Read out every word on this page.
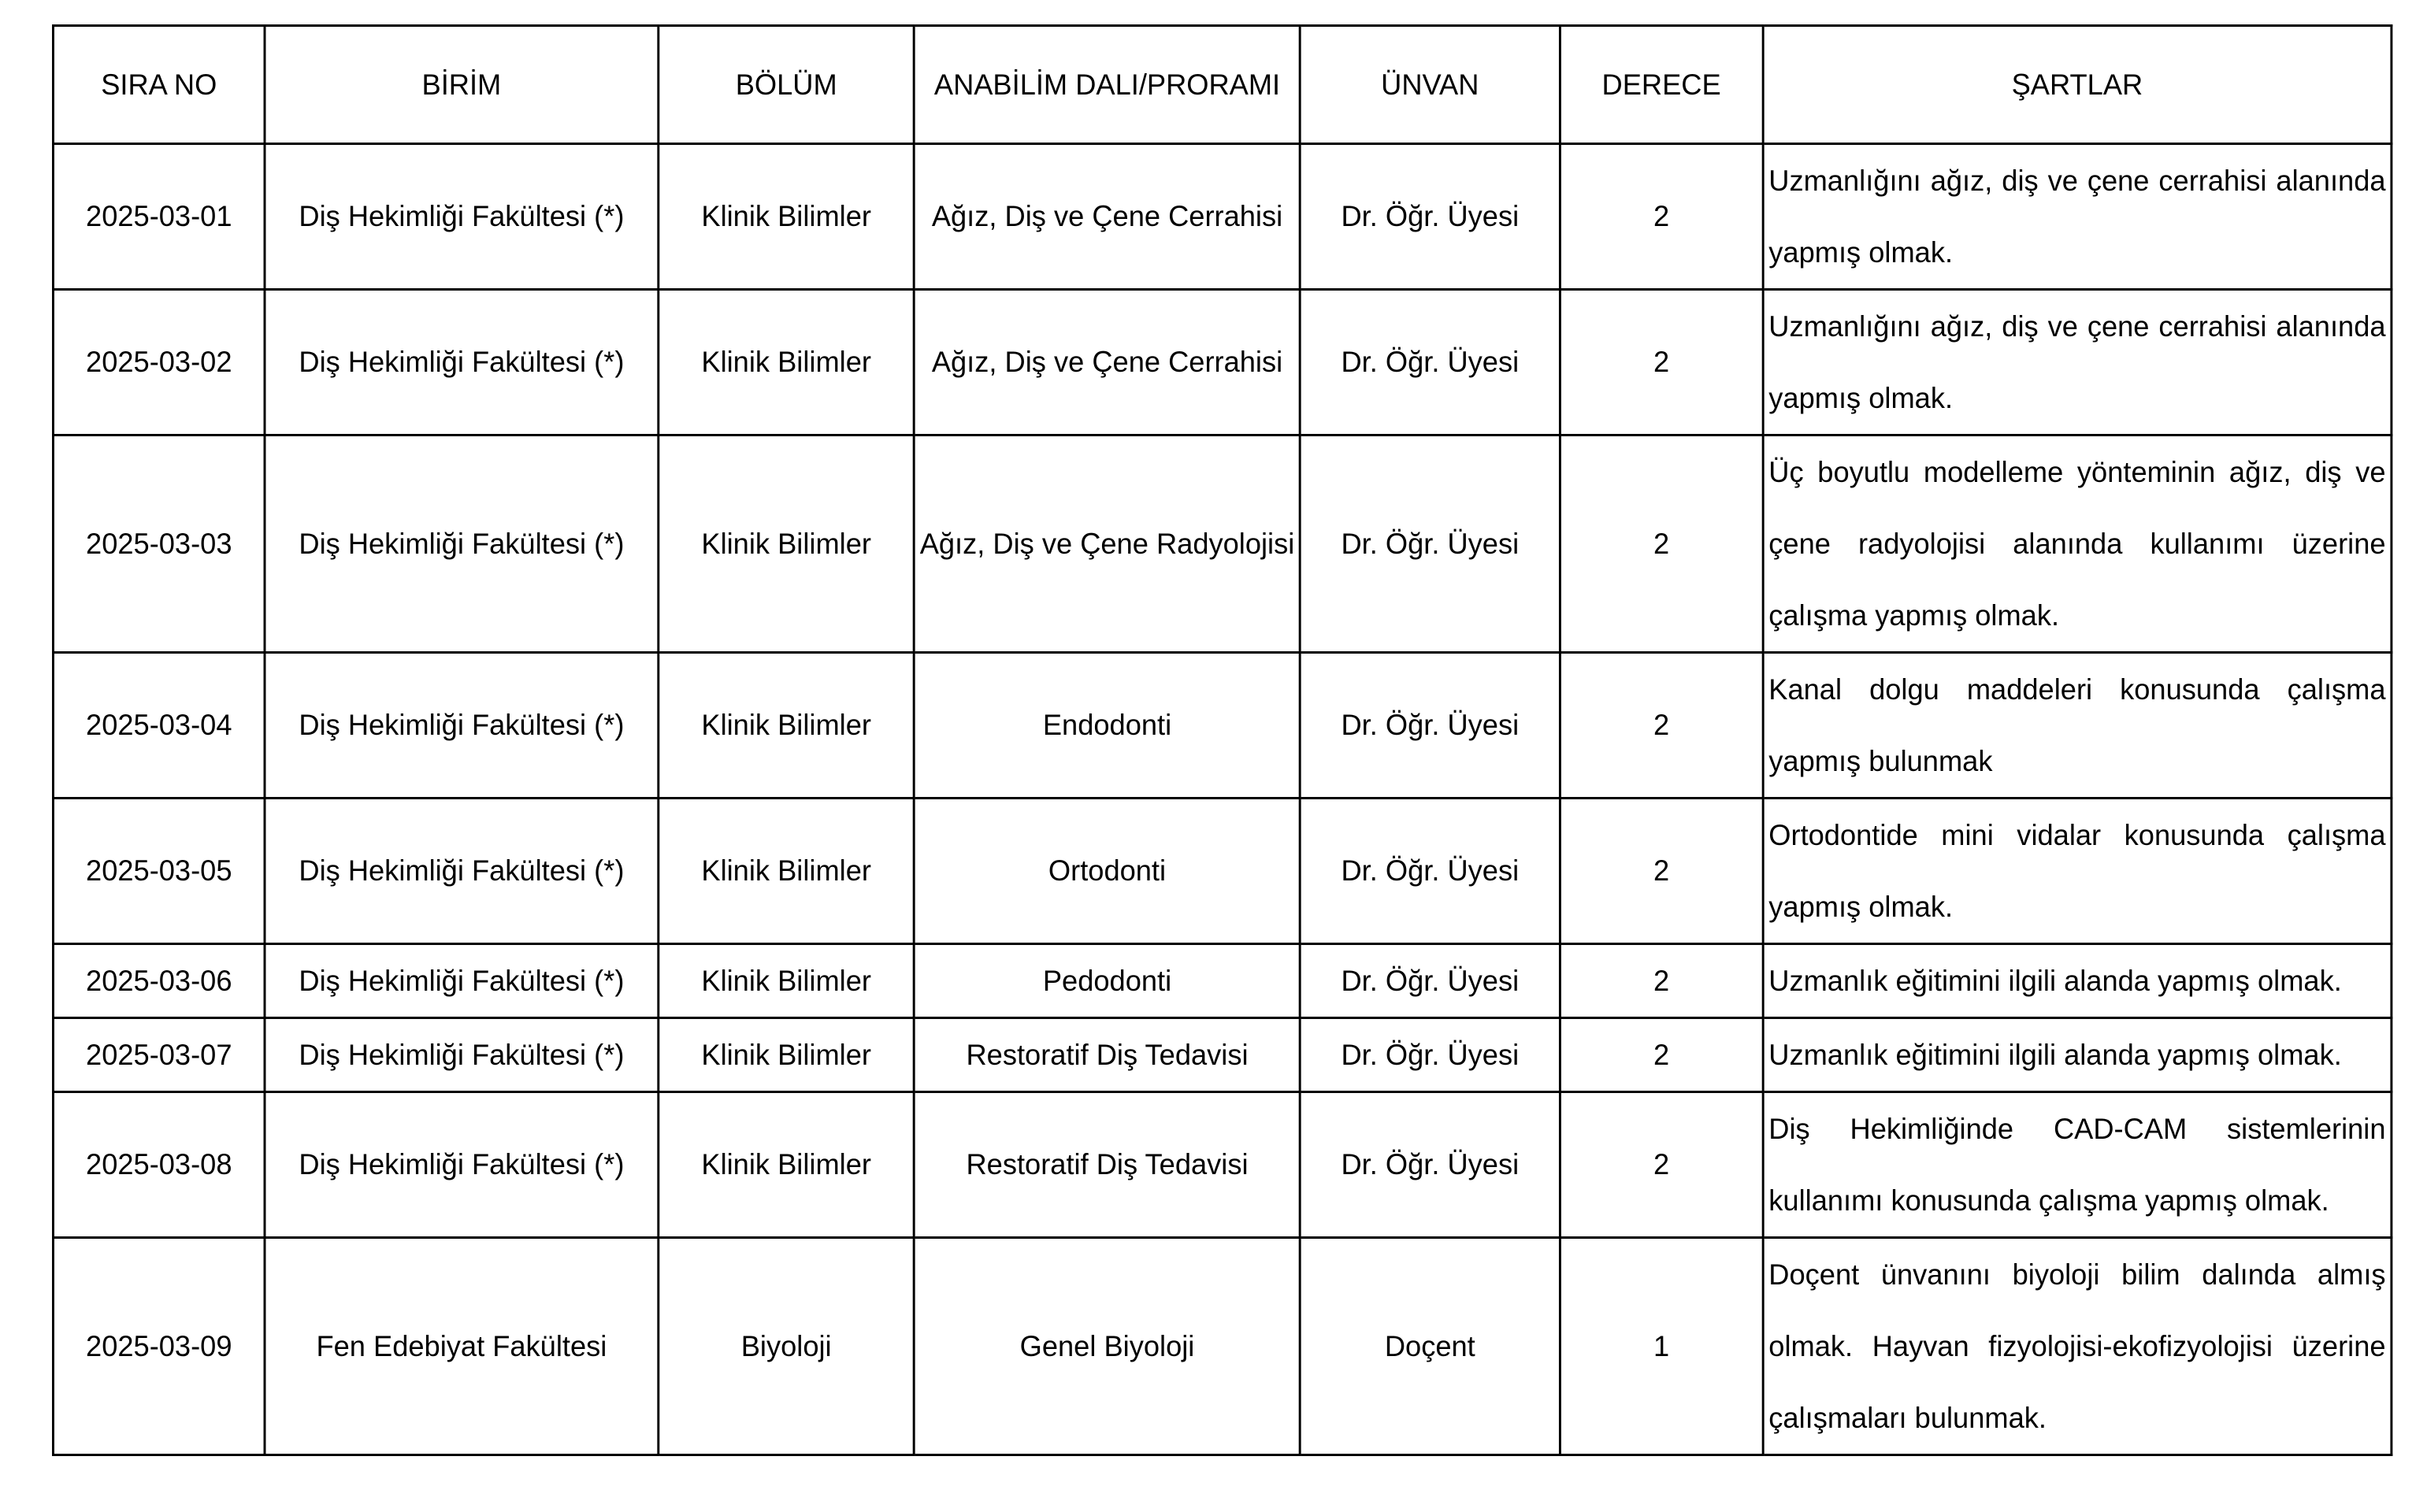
SIRA NO	BİRİM	BÖLÜM	ANABİLİM DALI/PRORAMI	ÜNVAN	DERECE	ŞARTLAR
2025-03-01	Diş Hekimliği Fakültesi (*)	Klinik Bilimler	Ağız, Diş ve Çene Cerrahisi	Dr. Öğr. Üyesi	2	Uzmanlığını ağız, diş ve çene cerrahisi alanında yapmış olmak.
2025-03-02	Diş Hekimliği Fakültesi (*)	Klinik Bilimler	Ağız, Diş ve Çene Cerrahisi	Dr. Öğr. Üyesi	2	Uzmanlığını ağız, diş ve çene cerrahisi alanında yapmış olmak.
2025-03-03	Diş Hekimliği Fakültesi (*)	Klinik Bilimler	Ağız, Diş ve Çene Radyolojisi	Dr. Öğr. Üyesi	2	Üç boyutlu modelleme yönteminin ağız, diş ve çene radyolojisi alanında kullanımı üzerine çalışma yapmış olmak.
2025-03-04	Diş Hekimliği Fakültesi (*)	Klinik Bilimler	Endodonti	Dr. Öğr. Üyesi	2	Kanal dolgu maddeleri konusunda çalışma yapmış bulunmak
2025-03-05	Diş Hekimliği Fakültesi (*)	Klinik Bilimler	Ortodonti	Dr. Öğr. Üyesi	2	Ortodontide mini vidalar konusunda çalışma yapmış olmak.
2025-03-06	Diş Hekimliği Fakültesi (*)	Klinik Bilimler	Pedodonti	Dr. Öğr. Üyesi	2	Uzmanlık eğitimini ilgili alanda yapmış olmak.
2025-03-07	Diş Hekimliği Fakültesi (*)	Klinik Bilimler	Restoratif Diş Tedavisi	Dr. Öğr. Üyesi	2	Uzmanlık eğitimini ilgili alanda yapmış olmak.
2025-03-08	Diş Hekimliği Fakültesi (*)	Klinik Bilimler	Restoratif Diş Tedavisi	Dr. Öğr. Üyesi	2	Diş Hekimliğinde CAD-CAM sistemlerinin kullanımı konusunda çalışma yapmış olmak.
2025-03-09	Fen Edebiyat Fakültesi	Biyoloji	Genel Biyoloji	Doçent	1	Doçent ünvanını biyoloji bilim dalında almış olmak. Hayvan fizyolojisi-ekofizyolojisi üzerine çalışmaları bulunmak.
